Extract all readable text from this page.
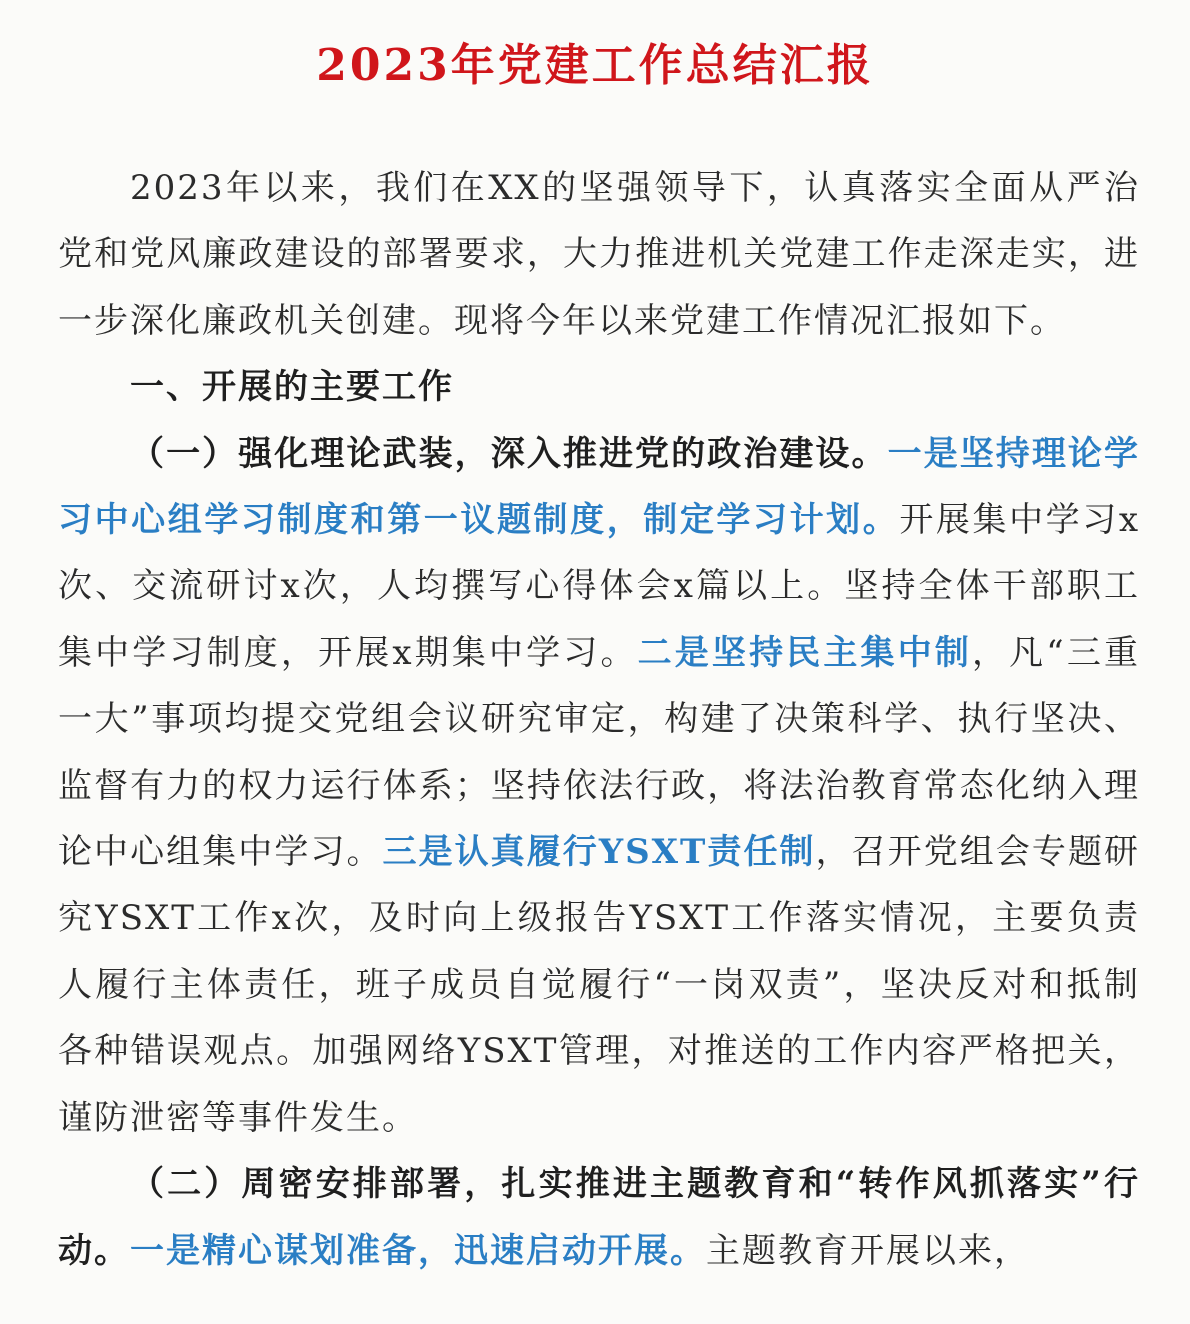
2023年党建工作总结汇报

2023年以来，我们在XX的坚强领导下，认真落实全面从严治党和党风廉政建设的部署要求，大力推进机关党建工作走深走实，进一步深化廉政机关创建。现将今年以来党建工作情况汇报如下。

一、开展的主要工作

（一）强化理论武装，深入推进党的政治建设。一是坚持理论学习中心组学习制度和第一议题制度，制定学习计划。开展集中学习x次、交流研讨x次，人均撰写心得体会x篇以上。坚持全体干部职工集中学习制度，开展x期集中学习。二是坚持民主集中制，凡“三重一大”事项均提交党组会议研究审定，构建了决策科学、执行坚决、监督有力的权力运行体系；坚持依法行政，将法治教育常态化纳入理论中心组集中学习。三是认真履行YSXT责任制，召开党组会专题研究YSXT工作x次，及时向上级报告YSXT工作落实情况，主要负责人履行主体责任，班子成员自觉履行“一岗双责”，坚决反对和抵制各种错误观点。加强网络YSXT管理，对推送的工作内容严格把关，谨防泄密等事件发生。

（二）周密安排部署，扎实推进主题教育和“转作风抓落实”行动。一是精心谋划准备，迅速启动开展。主题教育开展以来，
